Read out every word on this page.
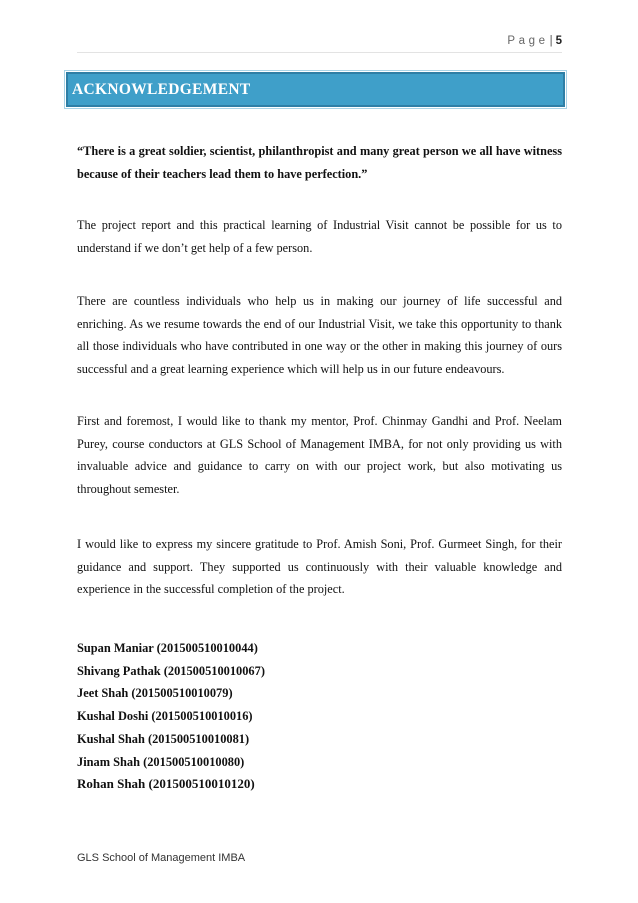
Page| 5
ACKNOWLEDGEMENT

“There is a great soldier, scientist, philanthropist and many great person we all have witness because of their teachers lead them to have perfection.”

The project report and this practical learning of Industrial Visit cannot be possible for us to understand if we don’t get help of a few person.

There are countless individuals who help us in making our journey of life successful and enriching. As we resume towards the end of our Industrial Visit, we take this opportunity to thank all those individuals who have contributed in one way or the other in making this journey of ours successful and a great learning experience which will help us in our future endeavours.

First and foremost, I would like to thank my mentor, Prof. Chinmay Gandhi and Prof. Neelam Purey, course conductors at GLS School of Management IMBA, for not only providing us with invaluable advice and guidance to carry on with our project work, but also motivating us throughout semester.

I would like to express my sincere gratitude to Prof. Amish Soni, Prof. Gurmeet Singh, for their guidance and support. They supported us continuously with their valuable knowledge and experience in the successful completion of the project.

Supan Maniar (201500510010044)
Shivang Pathak (201500510010067)
Jeet Shah (201500510010079)
Kushal Doshi (201500510010016)
Kushal Shah (201500510010081)
Jinam Shah (201500510010080)
Rohan Shah (201500510010120)
GLS School of Management IMBA
